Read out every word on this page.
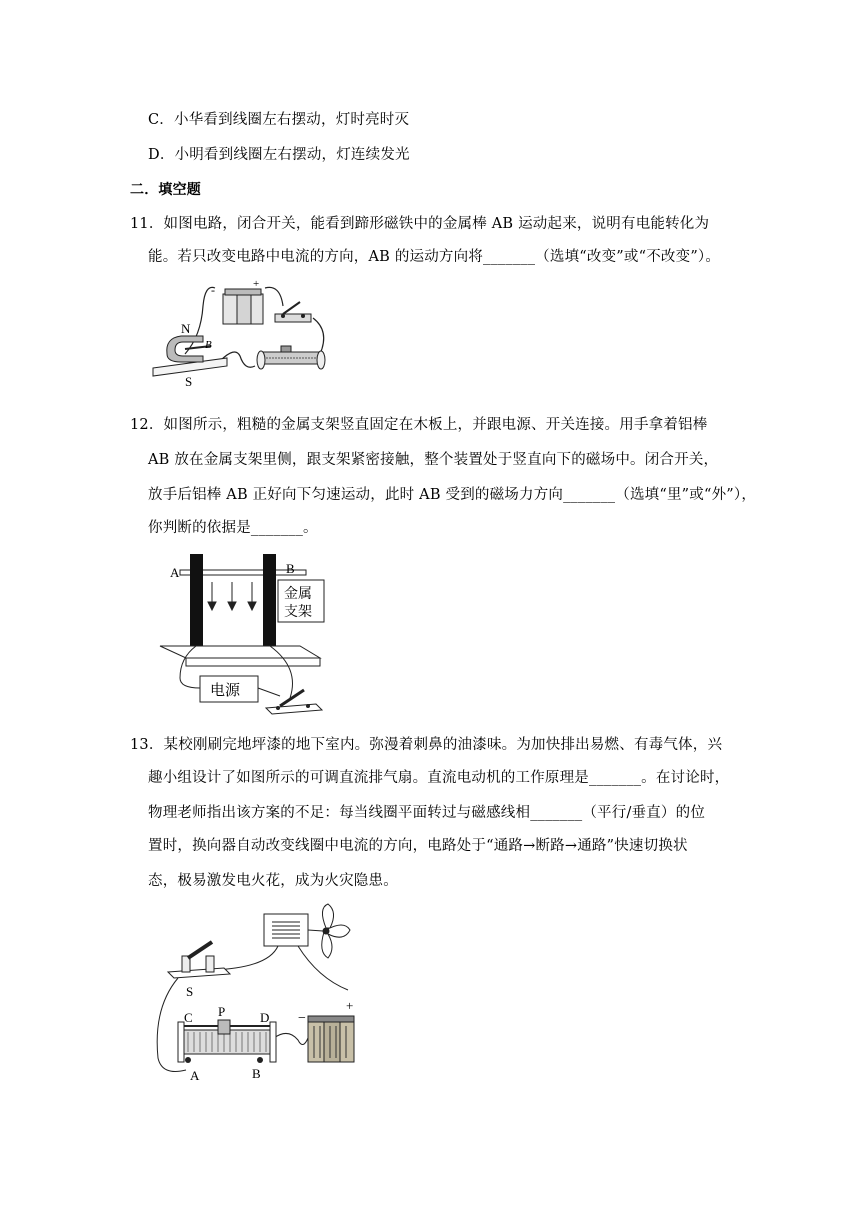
C．小华看到线圈左右摆动，灯时亮时灭
D．小明看到线圈左右摆动，灯连续发光
二．填空题
11．如图电路，闭合开关，能看到蹄形磁铁中的金属棒 AB 运动起来，说明有电能转化为
能。若只改变电路中电流的方向，AB 的运动方向将_______（选填“改变”或“不改变”）。
-	+
N
B
S
12．如图所示，粗糙的金属支架竖直固定在木板上，并跟电源、开关连接。用手拿着铝棒
AB 放在金属支架里侧，跟支架紧密接触，整个装置处于竖直向下的磁场中。闭合开关，
放手后铝棒 AB 正好向下匀速运动，此时 AB 受到的磁场力方向_______（选填“里”或“外”），
你判断的依据是_______。
A	B
金属
支架
电源
13．某校刚刷完地坪漆的地下室内。弥漫着刺鼻的油漆味。为加快排出易燃、有毒气体，兴
趣小组设计了如图所示的可调直流排气扇。直流电动机的工作原理是_______。在讨论时，
物理老师指出该方案的不足：每当线圈平面转过与磁感线相_______（平行/垂直）的位
置时，换向器自动改变线圈中电流的方向，电路处于“通路→断路→通路”快速切换状
态，极易激发电火花，成为火灾隐患。
S
C P	D
A	B
−
+
